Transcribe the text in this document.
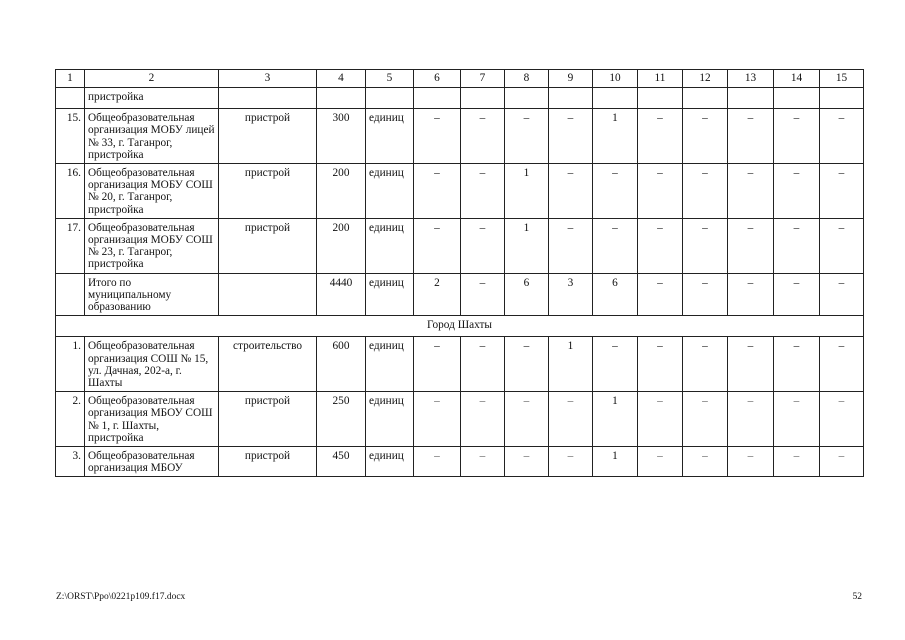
1	2	3	4	5	6	7	8	9	10	11	12	13	14	15
	пристройка													
15.	Общеобразовательная организация МОБУ лицей № 33, г. Таганрог, пристройка	пристрой	300	единиц	–	–	–	–	1	–	–	–	–	–
16.	Общеобразовательная организация МОБУ СОШ № 20, г. Таганрог, пристройка	пристрой	200	единиц	–	–	1	–	–	–	–	–	–	–
17.	Общеобразовательная организация МОБУ СОШ № 23, г. Таганрог, пристройка	пристрой	200	единиц	–	–	1	–	–	–	–	–	–	–
	Итого по муниципальному образованию		4440	единиц	2	–	6	3	6	–	–	–	–	–
Город Шахты														
1.	Общеобразовательная организация СОШ № 15, ул. Дачная, 202-а, г. Шахты	строительство	600	единиц	–	–	–	1	–	–	–	–	–	–
2.	Общеобразовательная организация МБОУ СОШ № 1, г. Шахты, пристройка	пристрой	250	единиц	–	–	–	–	1	–	–	–	–	–
3.	Общеобразовательная организация МБОУ	пристрой	450	единиц	–	–	–	–	1	–	–	–	–	–
Z:\ORST\Ppo\0221p109.f17.docx	52
